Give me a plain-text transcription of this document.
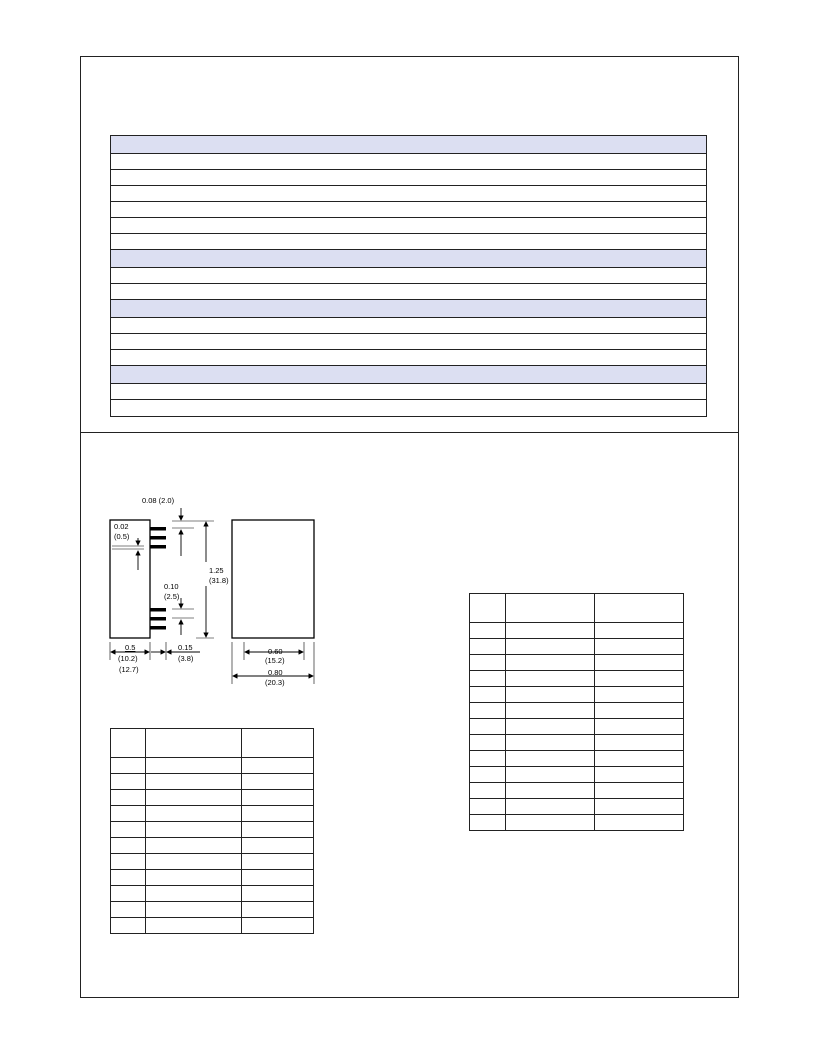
0.08 (2.0)
0.02
(0.5)
0.10
(2.5)
1.25
(31.8)
0.5
(10.2)
(12.7)
0.15
(3.8)
0.60
(15.2)
0.80
(20.3)
